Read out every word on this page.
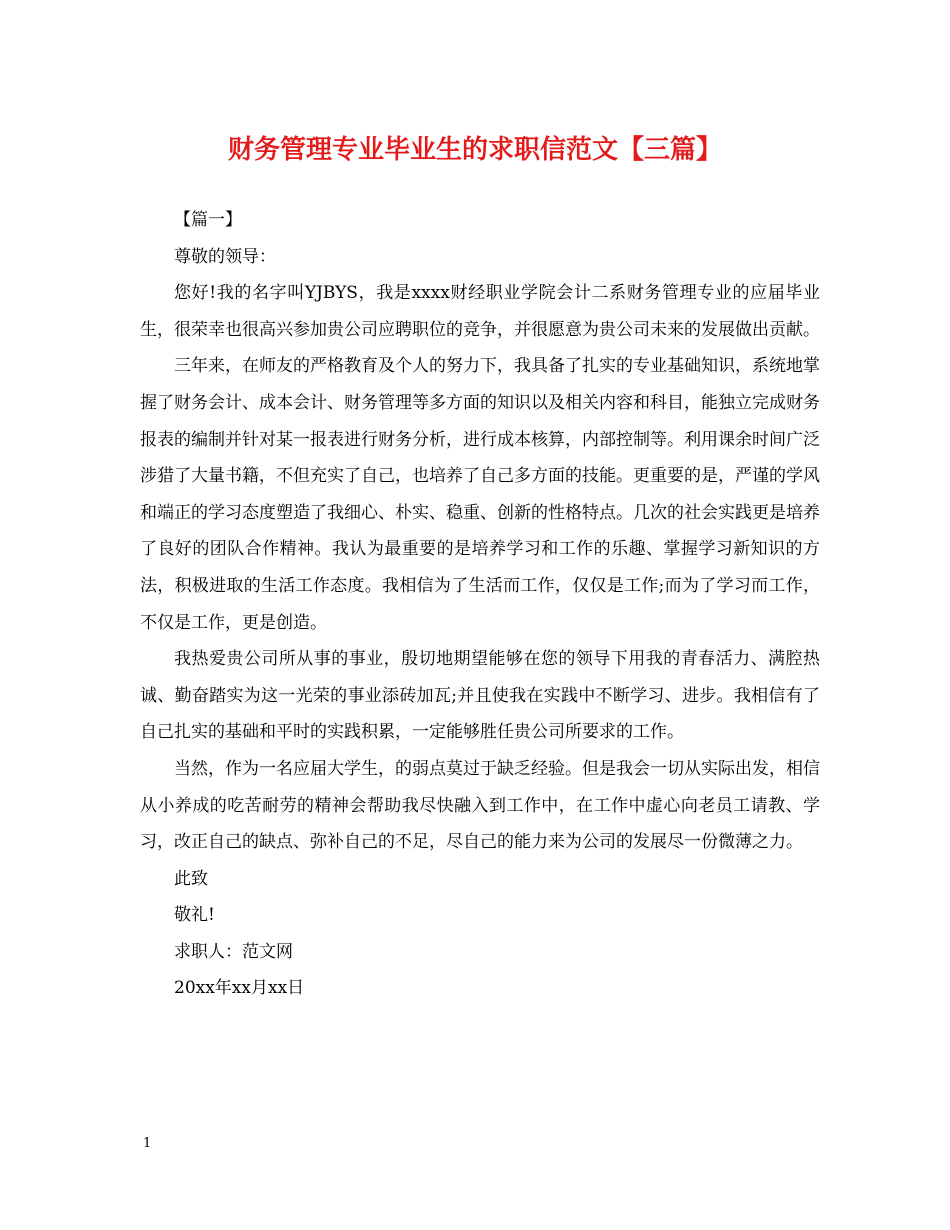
财务管理专业毕业生的求职信范文【三篇】

【篇一】

尊敬的领导：

您好!我的名字叫YJBYS，我是xxxx财经职业学院会计二系财务管理专业的应届毕业生，很荣幸也很高兴参加贵公司应聘职位的竞争，并很愿意为贵公司未来的发展做出贡献。

三年来，在师友的严格教育及个人的努力下，我具备了扎实的专业基础知识，系统地掌握了财务会计、成本会计、财务管理等多方面的知识以及相关内容和科目，能独立完成财务报表的编制并针对某一报表进行财务分析，进行成本核算，内部控制等。利用课余时间广泛涉猎了大量书籍，不但充实了自己，也培养了自己多方面的技能。更重要的是，严谨的学风和端正的学习态度塑造了我细心、朴实、稳重、创新的性格特点。几次的社会实践更是培养了良好的团队合作精神。我认为最重要的是培养学习和工作的乐趣、掌握学习新知识的方法，积极进取的生活工作态度。我相信为了生活而工作，仅仅是工作;而为了学习而工作，不仅是工作，更是创造。

我热爱贵公司所从事的事业，殷切地期望能够在您的领导下用我的青春活力、满腔热诚、勤奋踏实为这一光荣的事业添砖加瓦;并且使我在实践中不断学习、进步。我相信有了自己扎实的基础和平时的实践积累，一定能够胜任贵公司所要求的工作。

当然，作为一名应届大学生，的弱点莫过于缺乏经验。但是我会一切从实际出发，相信从小养成的吃苦耐劳的精神会帮助我尽快融入到工作中，在工作中虚心向老员工请教、学习，改正自己的缺点、弥补自己的不足，尽自己的能力来为公司的发展尽一份微薄之力。

此致

敬礼!

求职人：范文网

20xx年xx月xx日

1
